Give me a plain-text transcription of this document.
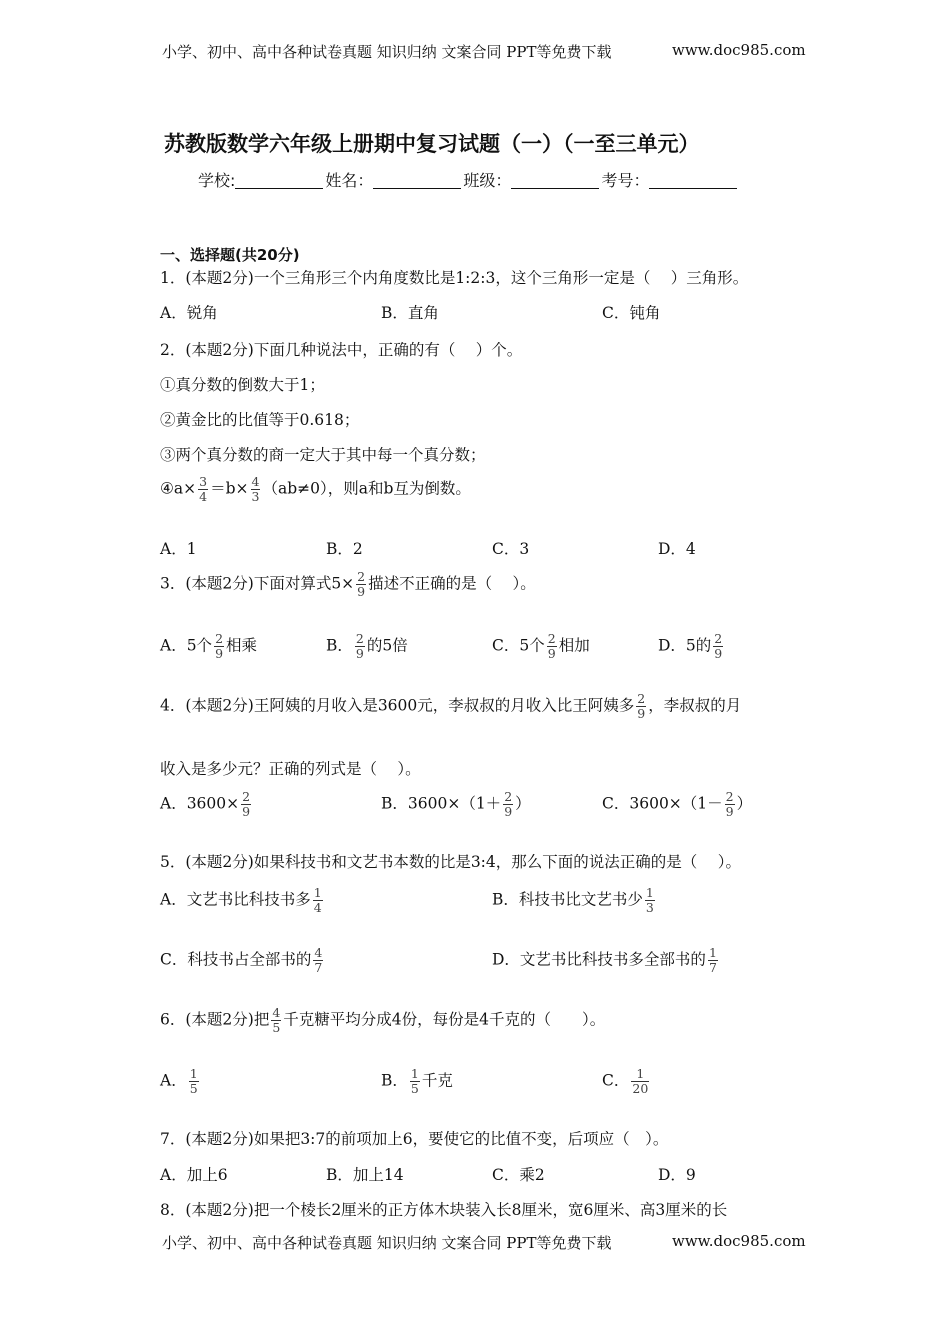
小学、初中、高中各种试卷真题 知识归纳 文案合同 PPT等免费下载	www.doc985.com
苏教版数学六年级上册期中复习试题（一）（一至三单元）
学校:	姓名：	班级：	考号：
一、选择题(共20分)
1．(本题2分)一个三角形三个内角度数比是1:2:3，这个三角形一定是（　 ）三角形。
A．锐角	B．直角	C．钝角
2．(本题2分)下面几种说法中，正确的有（　 ）个。
①真分数的倒数大于1；
②黄金比的比值等于0.618；
③两个真分数的商一定大于其中每一个真分数；
④a× $\frac{3}{4} =b\times \frac{4}{3} (ab\ne 0)$，则a和b互为倒数。
A．1	B．2	C．3	D．4
3．(本题2分)下面对算式$5\times \frac{2}{9}$ 描述不正确的是（　 ）。
A．5个 $\frac{2}{9}$ 相乘	B． $\frac{2}{9}$ 的5倍	C．5个 $\frac{2}{9}$ 相加	D．5的 $\frac{2}{9}$
4．(本题2分)王阿姨的月收入是3600元，李叔叔的月收入比王阿姨多 $\frac{2}{9}$ ，李叔叔的月
收入是多少元？正确的列式是（　 ）。
A．$3600\times \frac{2}{9}$	B．$3600\times(1+ \frac{2}{9}$ ）	C．$3600\times(1- \frac{2}{9}$ ）
5．(本题2分)如果科技书和文艺书本数的比是3:4，那么下面的说法正确的是（　 ）。
A．文艺书比科技书多 $\frac{1}{4}$	B．科技书比文艺书少 $\frac{1}{3}$
C．科技书占全部书的 $\frac{4}{7}$	D．文艺书比科技书多全部书的 $\frac{1}{7}$
6．(本题2分)把 $\frac{4}{5}$ 千克糖平均分成4份，每份是4千克的（　　）。
A． $\frac{1}{5}$	B． $\frac{1}{5}$ 千克	C． $\frac{1}{20}$
7．(本题2分)如果把3:7的前项加上6，要使它的比值不变，后项应（　）。
A．加上6	B．加上14	C．乘2	D．9
8．(本题2分)把一个棱长2厘米的正方体木块装入长8厘米，宽6厘米、高3厘米的长
小学、初中、高中各种试卷真题 知识归纳 文案合同 PPT等免费下载	www.doc985.com
